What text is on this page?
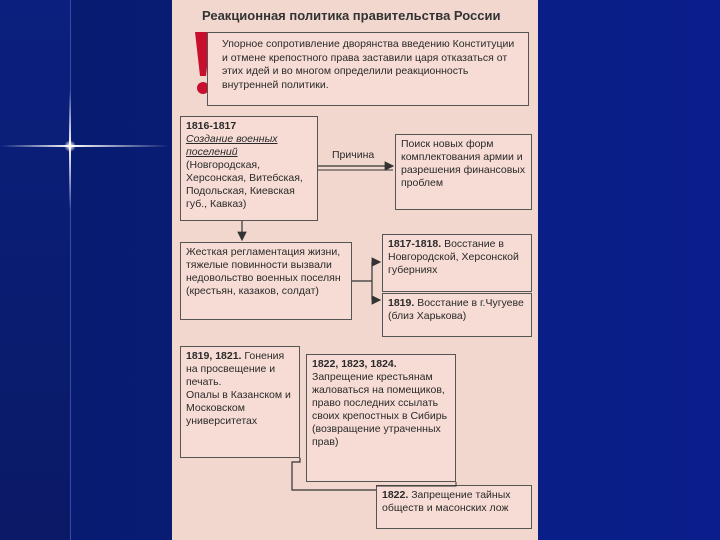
Реакционная политика правительства России
Упорное сопротивление дворянства введению Конституции и отмене крепостного права заставили царя отказаться от этих идей и во многом определили реакционность внутренней политики.
1816-1817
Создание военных поселений (Новгородская, Херсонская, Витебская, Подольская, Киевская губ., Кавказ)
Причина
Поиск новых форм комплектования армии и разрешения финансовых проблем
Жесткая регламентация жизни, тяжелые повинности вызвали недовольство военных поселян (крестьян, казаков, солдат)
1817-1818. Восстание в Новгородской, Херсонской губерниях
1819. Восстание в г.Чугуеве (близ Харькова)
1819, 1821. Гонения на просвещение и печать.
Опалы в Казанском и Московском университетах
1822, 1823, 1824.
Запрещение крестьянам жаловаться на помещиков, право последних ссылать своих крепостных в Сибирь (возвращение утраченных прав)
1822. Запрещение тайных обществ и масонских лож
